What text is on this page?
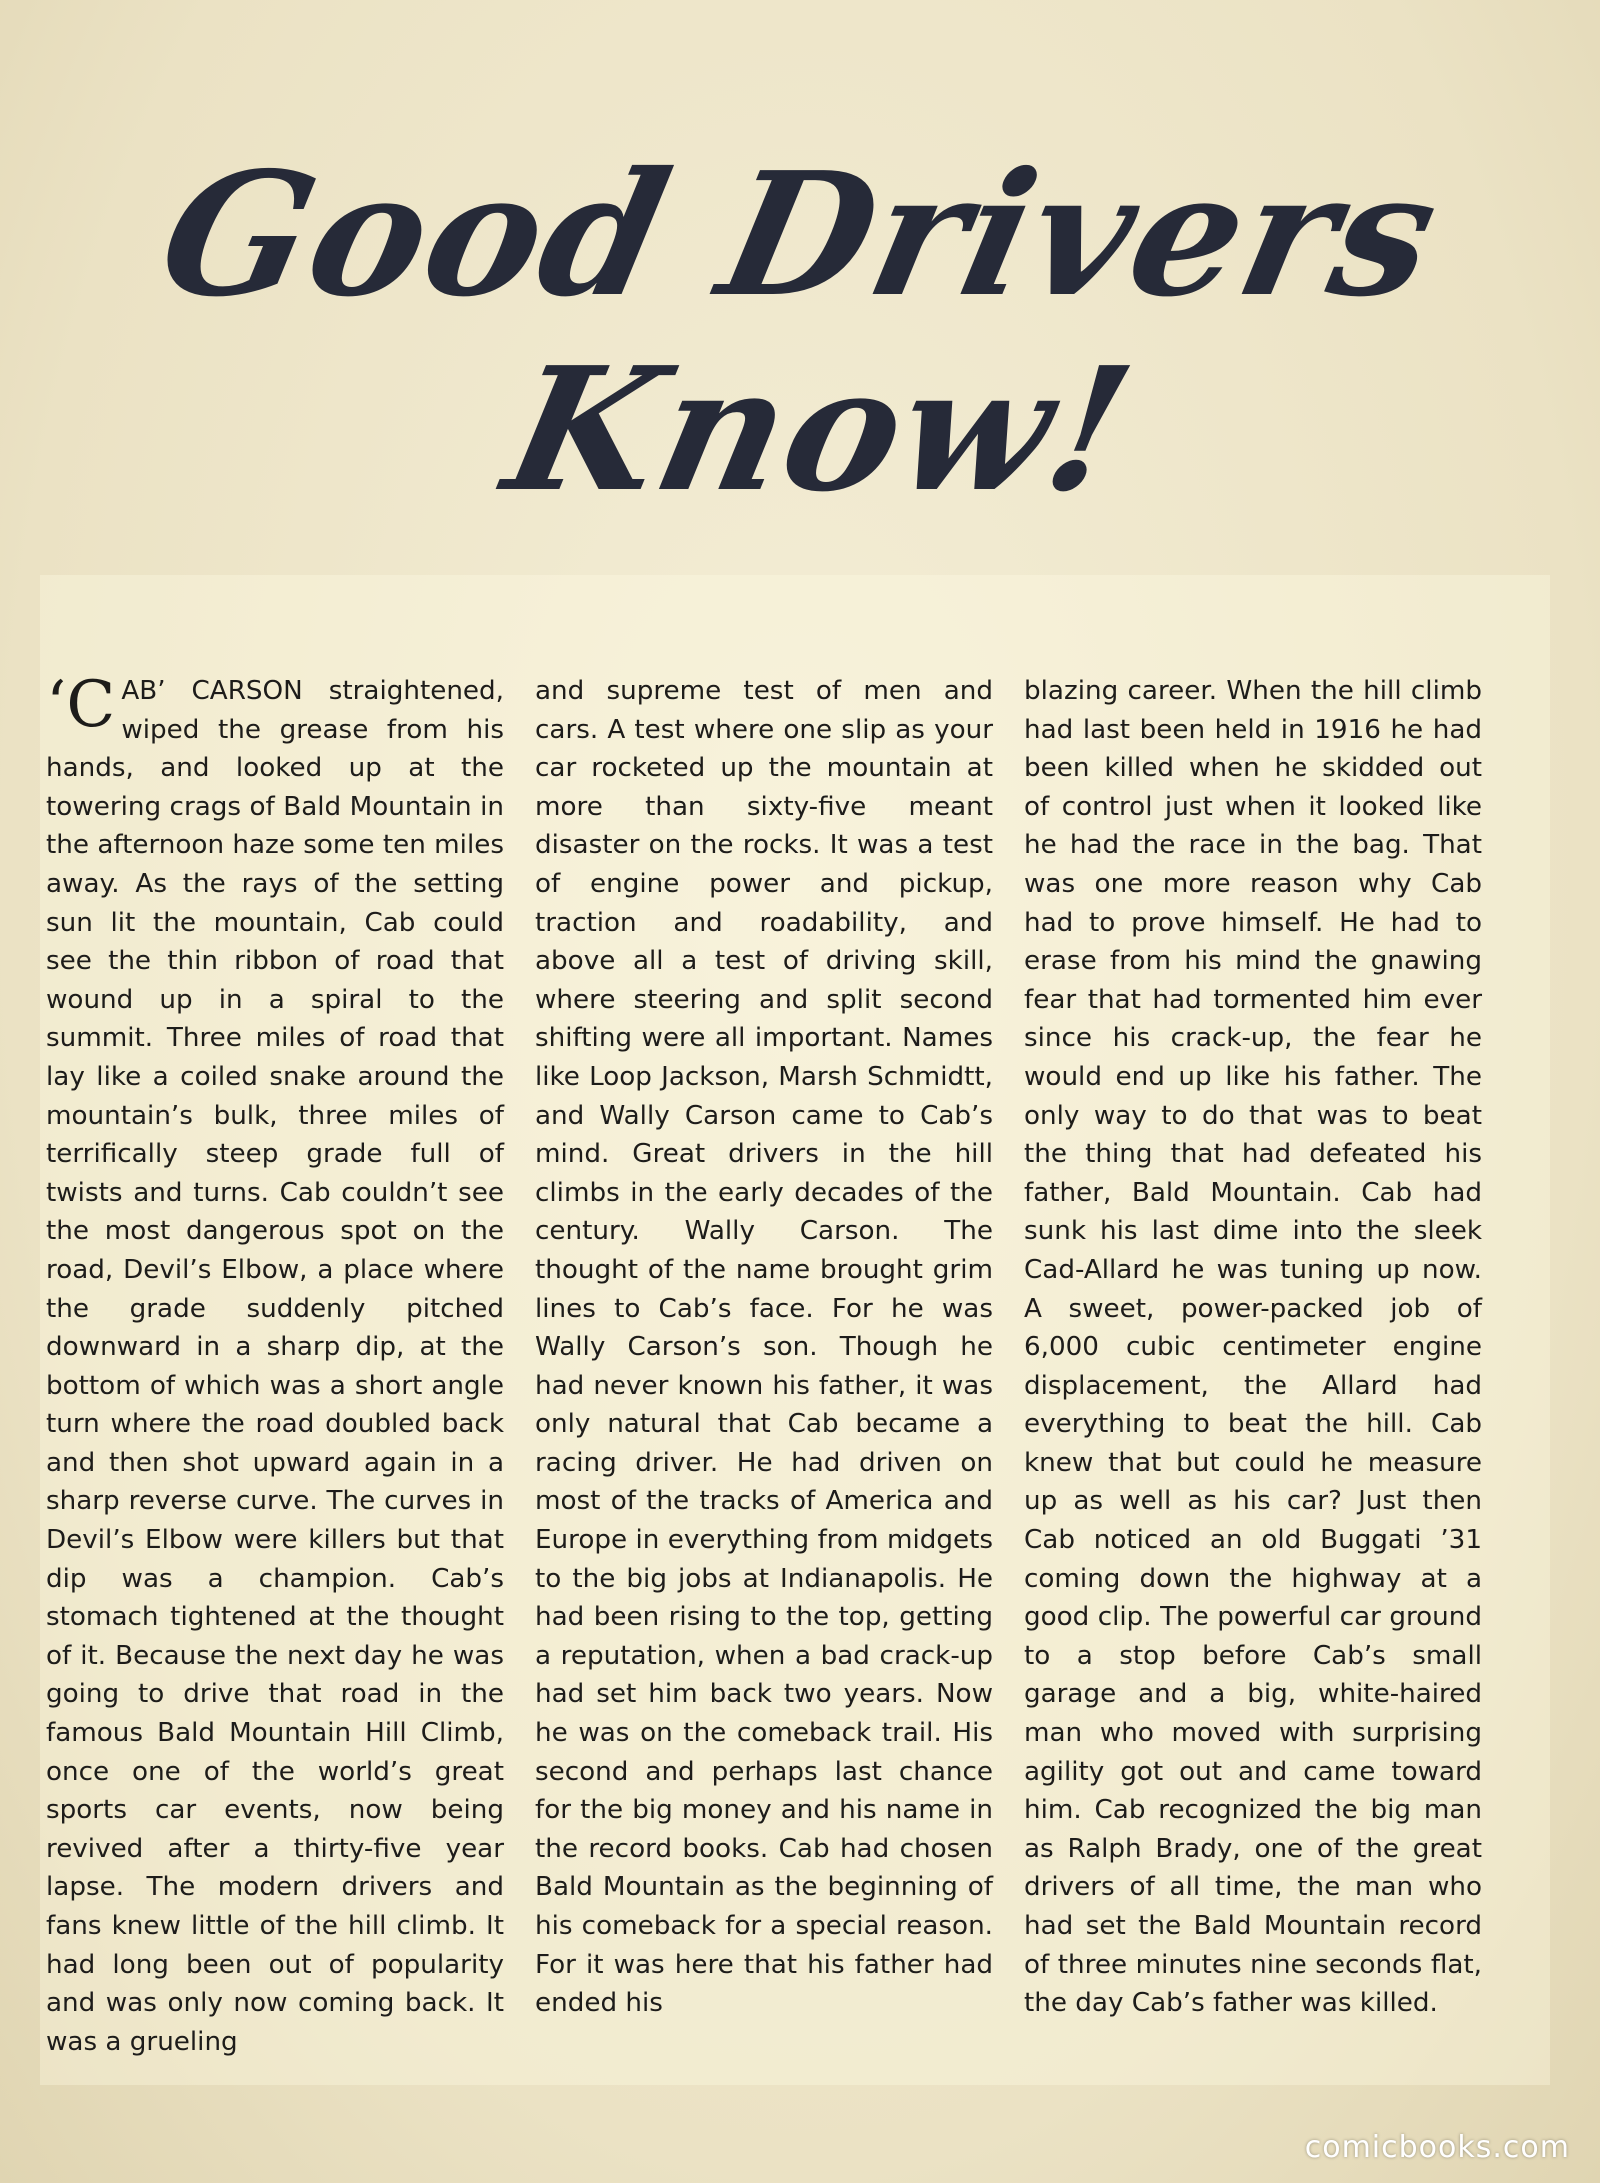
Good Drivers
Know!

‘CAB’ CARSON straightened, wiped the grease from his hands, and looked up at the towering crags of Bald Mountain in the afternoon haze some ten miles away. As the rays of the setting sun lit the mountain, Cab could see the thin ribbon of road that wound up in a spiral to the summit. Three miles of road that lay like a coiled snake around the mountain’s bulk, three miles of terrifically steep grade full of twists and turns. Cab couldn’t see the most dangerous spot on the road, Devil’s Elbow, a place where the grade suddenly pitched downward in a sharp dip, at the bottom of which was a short angle turn where the road doubled back and then shot upward again in a sharp reverse curve. The curves in Devil’s Elbow were killers but that dip was a champion. Cab’s stomach tightened at the thought of it. Because the next day he was going to drive that road in the famous Bald Mountain Hill Climb, once one of the world’s great sports car events, now being revived after a thirty-five year lapse. The modern drivers and fans knew little of the hill climb. It had long been out of popularity and was only now coming back. It was a grueling

and supreme test of men and cars. A test where one slip as your car rocketed up the mountain at more than sixty-five meant disaster on the rocks. It was a test of engine power and pickup, traction and roadability, and above all a test of driving skill, where steering and split second shifting were all important. Names like Loop Jackson, Marsh Schmidtt, and Wally Carson came to Cab’s mind. Great drivers in the hill climbs in the early decades of the century. Wally Carson. The thought of the name brought grim lines to Cab’s face. For he was Wally Carson’s son. Though he had never known his father, it was only natural that Cab became a racing driver. He had driven on most of the tracks of America and Europe in everything from midgets to the big jobs at Indianapolis. He had been rising to the top, getting a reputation, when a bad crack-up had set him back two years. Now he was on the comeback trail. His second and perhaps last chance for the big money and his name in the record books. Cab had chosen Bald Mountain as the beginning of his comeback for a special reason. For it was here that his father had ended his

blazing career. When the hill climb had last been held in 1916 he had been killed when he skidded out of control just when it looked like he had the race in the bag. That was one more reason why Cab had to prove himself. He had to erase from his mind the gnawing fear that had tormented him ever since his crack-up, the fear he would end up like his father. The only way to do that was to beat the thing that had defeated his father, Bald Mountain. Cab had sunk his last dime into the sleek Cad-Allard he was tuning up now. A sweet, power-packed job of 6,000 cubic centimeter engine displacement, the Allard had everything to beat the hill. Cab knew that but could he measure up as well as his car? Just then Cab noticed an old Buggati ’31 coming down the highway at a good clip. The powerful car ground to a stop before Cab’s small garage and a big, white-haired man who moved with surprising agility got out and came toward him. Cab recognized the big man as Ralph Brady, one of the great drivers of all time, the man who had set the Bald Mountain record of three minutes nine seconds flat, the day Cab’s father was killed.

comicbooks.com
